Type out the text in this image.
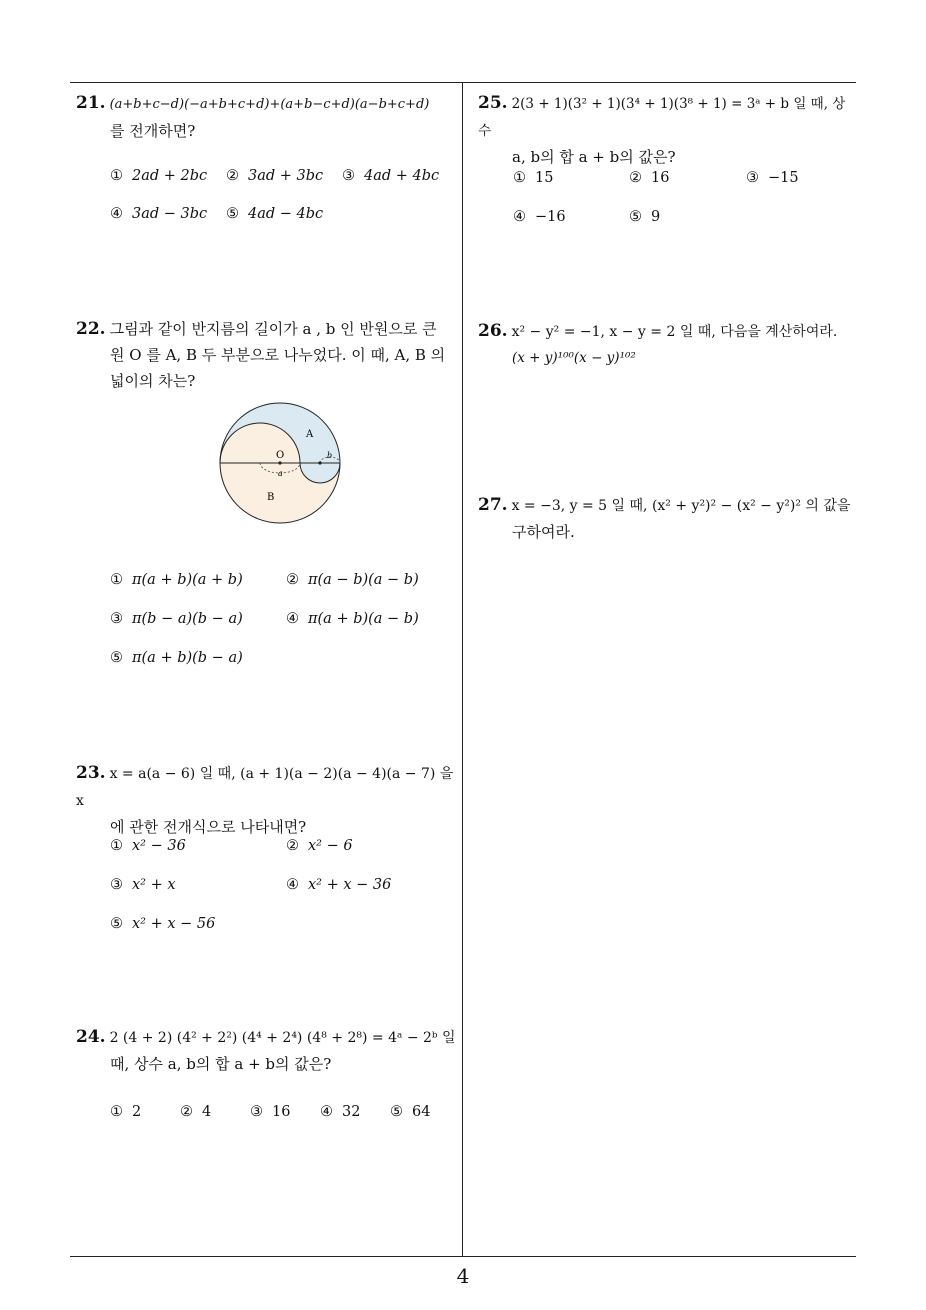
4
21. (a+b+c−d)(−a+b+c+d)+(a+b−c+d)(a−b+c+d)
를 전개하면?
① 2ad + 2bc ② 3ad + 3bc ③ 4ad + 4bc
④ 3ad − 3bc ⑤ 4ad − 4bc
22. 그림과 같이 반지름의 길이가 a , b 인 반원으로 큰
원 O 를 A, B 두 부분으로 나누었다. 이 때, A, B 의
넓이의 차는?
A
B
O
a
b
① π(a + b)(a + b)	② π(a − b)(a − b)
③ π(b − a)(b − a)	④ π(a + b)(a − b)
⑤ π(a + b)(b − a)
23. x = a(a − 6) 일 때, (a + 1)(a − 2)(a − 4)(a − 7) 을 x
에 관한 전개식으로 나타내면?
① x² − 36	② x² − 6
③ x² + x	④ x² + x − 36
⑤ x² + x − 56
24. 2 (4 + 2) (4² + 2²) (4⁴ + 2⁴) (4⁸ + 2⁸) = 4ᵃ − 2ᵇ 일
때, 상수 a, b의 합 a + b의 값은?
① 2	② 4	③ 16 ④ 32 ⑤ 64
25. 2(3 + 1)(3² + 1)(3⁴ + 1)(3⁸ + 1) = 3ᵃ + b 일 때, 상수
a, b의 합 a + b의 값은?
① 15	② 16	③ −15
④ −16	⑤ 9
26. x² − y² = −1, x − y = 2 일 때, 다음을 계산하여라.
(x + y)¹⁰⁰(x − y)¹⁰²
27. x = −3, y = 5 일 때, (x² + y²)² − (x² − y²)² 의 값을
구하여라.
